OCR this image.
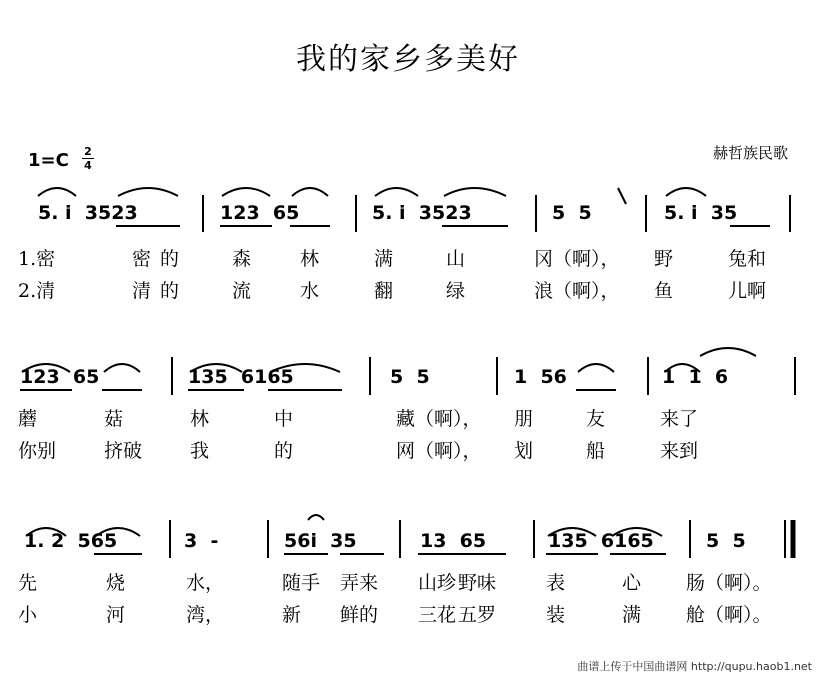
我的家乡多美好
1=C 2
4
赫哲族民歌
5. i  3523	123  65	5. i  3523	5  5	5. i  35
1.密	密 的	森	林	满	山	冈（啊）， 野	兔和
2.清	清 的	流	水	翻	绿	浪（啊）， 鱼	儿啊
123  65	135  6165	5  5	1  56	1  1  6
蘑	菇	林	中	藏（啊）， 朋	友	来了
你别	挤破	我	的	网（啊）， 划	船	来到
1. 2  565	3  -	56i  35	13  65	135  6165	5  5
先	烧	水，	随手 弄来 山珍 野味	表	心 肠（啊）。
小	河	湾，	新 鲜的 三花 五罗	装	满 舱（啊）。
曲谱上传于中国曲谱网 http://qupu.haob1.net
